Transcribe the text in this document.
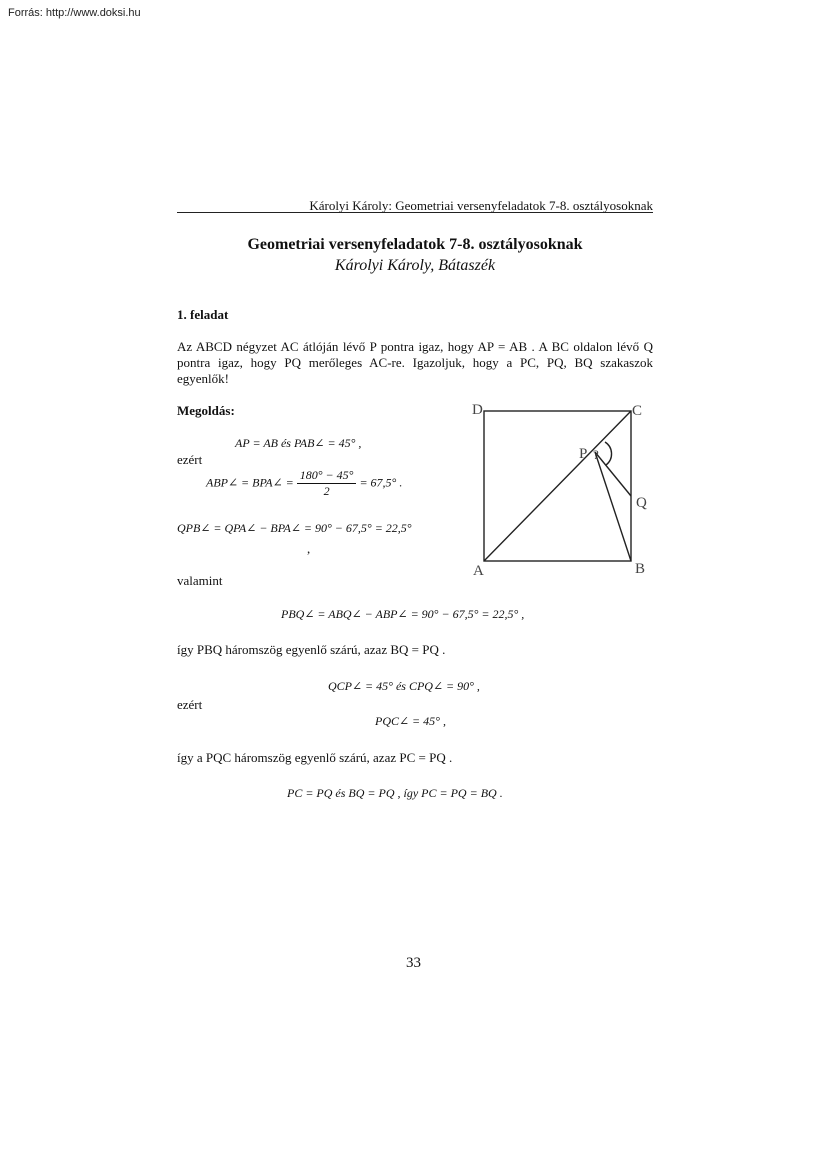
Forrás: http://www.doksi.hu
Károlyi Károly: Geometriai versenyfeladatok 7-8. osztályosoknak
Geometriai versenyfeladatok 7-8. osztályosoknak
Károlyi Károly, Bátaszék
1. feladat
Az ABCD négyzet AC átlóján lévő P pontra igaz, hogy AP = AB . A BC oldalon lévő Q pontra igaz, hogy PQ merőleges AC-re. Igazoljuk, hogy a PC, PQ, BQ szakaszok egyenlők!
Megoldás:
AP = AB és PAB∠ = 45° ,
ezért
ABP∠ = BPA∠ = $\frac{180^\circ - 45^\circ}{2} = 67,5^\circ$ .
QPB∠ = QPA∠ − BPA∠ = 90° − 67,5° = 22,5°
,
valamint
PBQ∠ = ABQ∠ − ABP∠ = 90° − 67,5° = 22,5° ,
így PBQ háromszög egyenlő szárú, azaz BQ = PQ .
QCP∠ = 45° és CPQ∠ = 90° ,
ezért
PQC∠ = 45° ,
így a PQC háromszög egyenlő szárú, azaz PC = PQ .
PC = PQ és BQ = PQ , így PC = PQ = BQ .
D	C
A	B
P
Q
?
33
